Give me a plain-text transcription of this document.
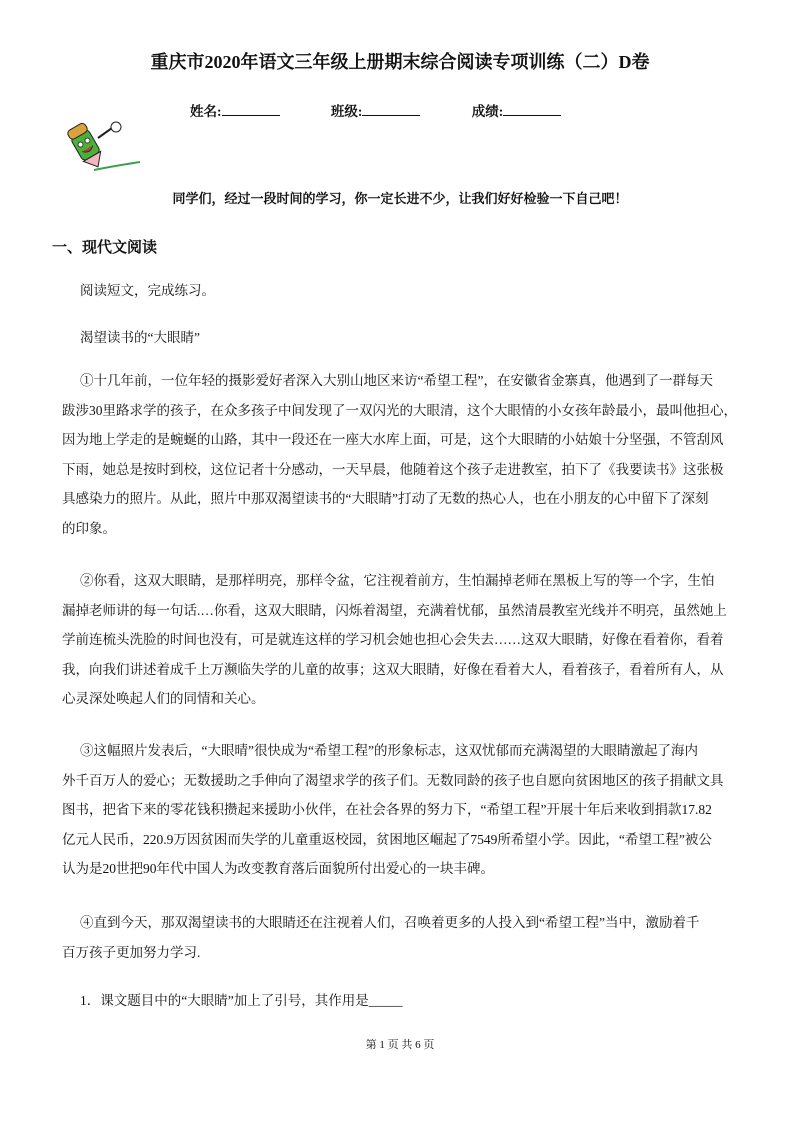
重庆市2020年语文三年级上册期末综合阅读专项训练（二）D卷
姓名:	班级:	成绩:
同学们，经过一段时间的学习，你一定长进不少，让我们好好检验一下自己吧！
一、现代文阅读
阅读短文，完成练习。
渴望读书的“大眼睛”
①十几年前，一位年轻的摄影爱好者深入大别山地区来访“希望工程”，在安徽省金寨真，他遇到了一群每天
跋涉30里路求学的孩子，在众多孩子中间发现了一双闪光的大眼清，这个大眼情的小女孩年龄最小，最叫他担心，
因为地上学走的是蜿蜒的山路，其中一段还在一座大水库上面，可是，这个大眼睛的小姑娘十分坚强，不管刮风
下雨，她总是按时到校，这位记者十分感动，一天早晨，他随着这个孩子走进教室，拍下了《我要读书》这张极
具感染力的照片。从此，照片中那双渴望读书的“大眼睛”打动了无数的热心人，也在小朋友的心中留下了深刻
的印象。
②你看，这双大眼睛，是那样明亮，那样令盆，它注视着前方，生怕漏掉老师在黑板上写的等一个字，生怕
漏掉老师讲的每一句话.…你看，这双大眼睛，闪烁着渴望，充满着忧郁，虽然清晨教室光线并不明亮，虽然她上
学前连梳头洗脸的时间也没有，可是就连这样的学习机会她也担心会失去……这双大眼睛，好像在看着你，看着
我，向我们讲述着成千上万濒临失学的儿童的故事；这双大眼睛，好像在看着大人，看着孩子，看着所有人，从
心灵深处唤起人们的同情和关心。
③这幅照片发表后，“大眼晴”很快成为“希望工程”的形象标志，这双忧郁而充满渴望的大眼睛激起了海内
外千百万人的爱心；无数援助之手伸向了渴望求学的孩子们。无数同龄的孩子也自愿向贫困地区的孩子捐献文具
图书，把省下来的零花钱积攒起来援助小伙伴，在社会各界的努力下，“希望工程”开展十年后来收到捐款17.82
亿元人民币，220.9万因贫困而失学的儿童重返校园，贫困地区崛起了7549所希望小学。因此，“希望工程”被公
认为是20世把90年代中国人为改变教育落后面貌所付出爱心的一块丰碑。
④直到今天，那双渴望读书的大眼睛还在注视着人们，召唤着更多的人投入到“希望工程”当中，激励着千
百万孩子更加努力学习.
1．课文题目中的“大眼睛”加上了引号，其作用是_____
第 1 页 共 6 页
